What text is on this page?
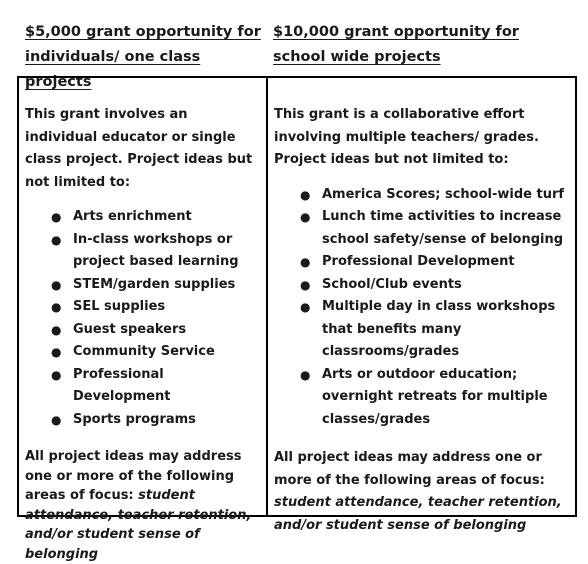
$5,000 grant opportunity for individuals/ one class projects
$10,000 grant opportunity for school wide projects

This grant involves an individual educator or single class project. Project ideas but not limited to:

● Arts enrichment
● In-class workshops or project based learning
● STEM/garden supplies
● SEL supplies
● Guest speakers
● Community Service
● Professional Development
● Sports programs

All project ideas may address one or more of the following areas of focus: student attendance, teacher retention, and/or student sense of belonging

This grant is a collaborative effort involving multiple teachers/ grades. Project ideas but not limited to:

● America Scores; school-wide turf
● Lunch time activities to increase school safety/sense of belonging
● Professional Development
● School/Club events
● Multiple day in class workshops that benefits many classrooms/grades
● Arts or outdoor education; overnight retreats for multiple classes/grades

All project ideas may address one or more of the following areas of focus: student attendance, teacher retention, and/or student sense of belonging
